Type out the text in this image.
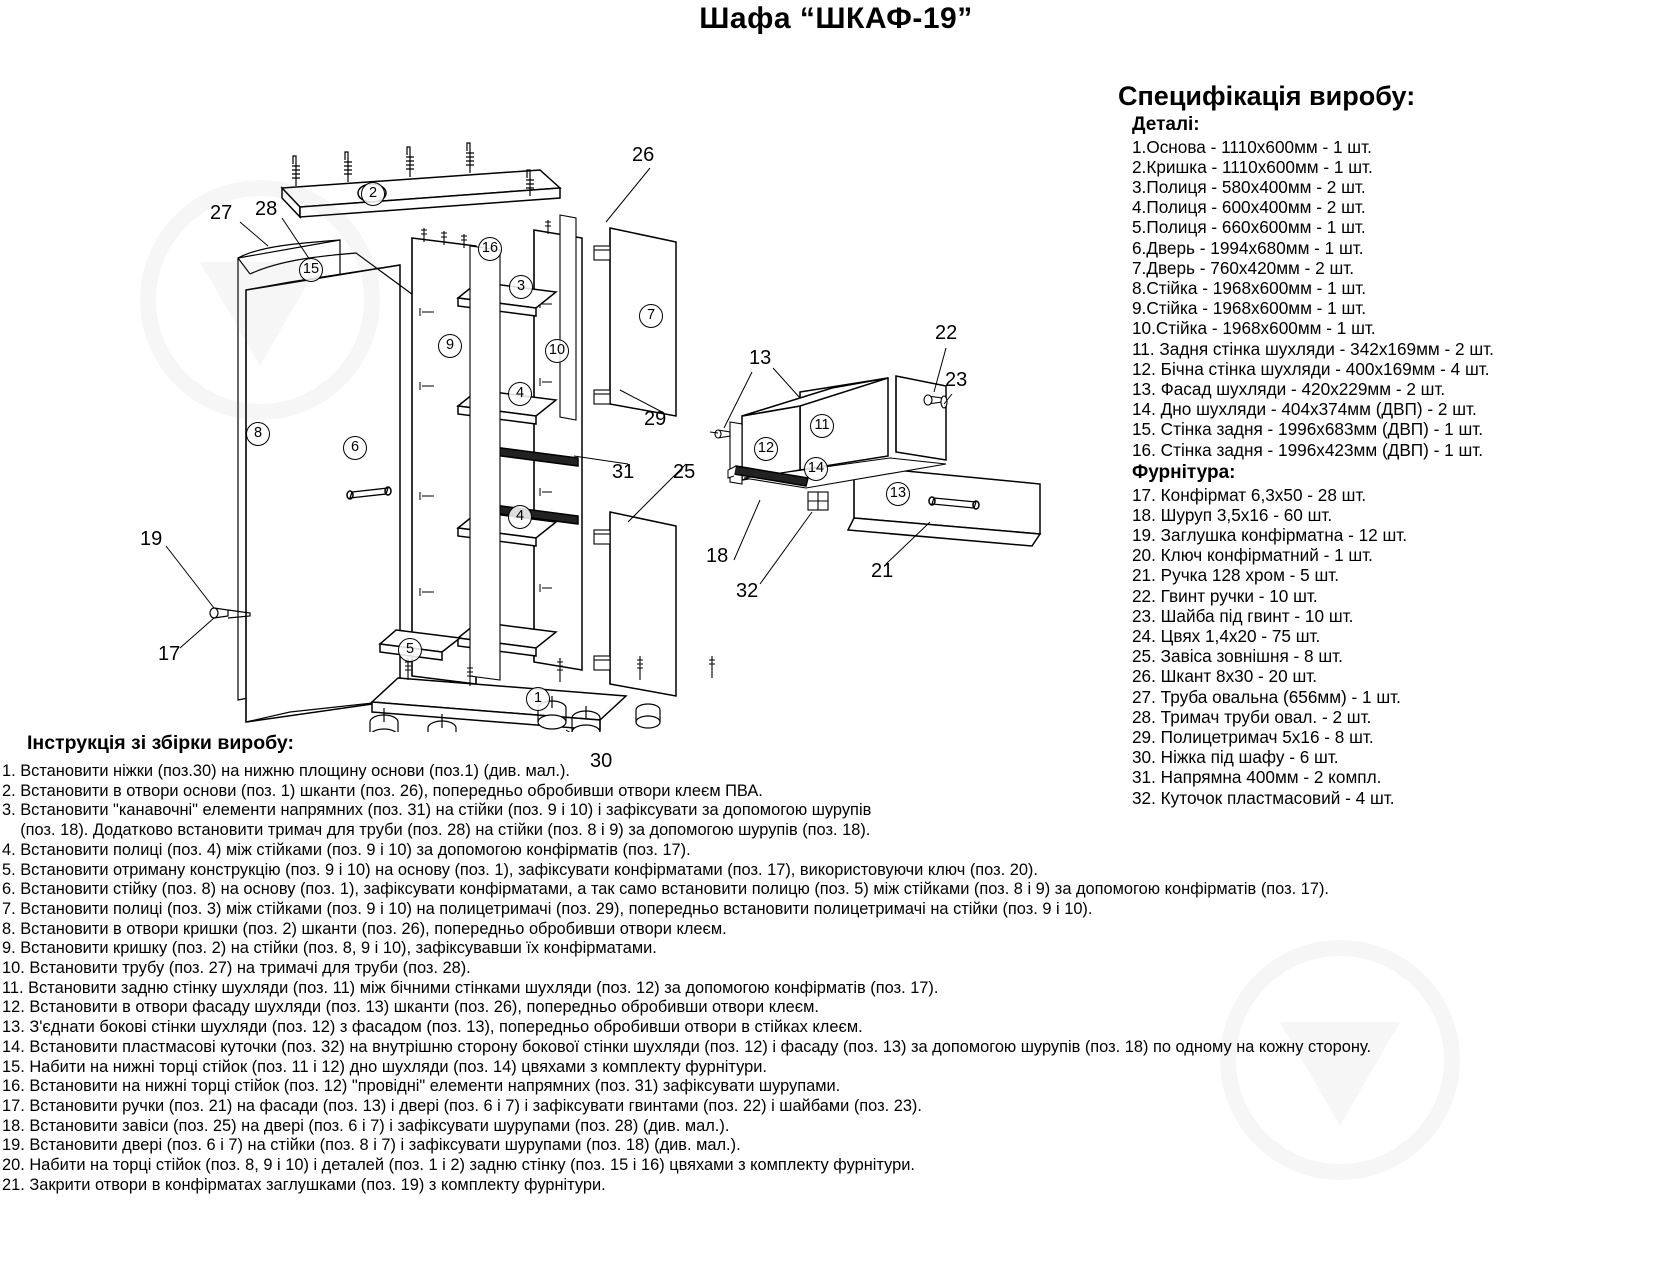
Шафа “ШКАФ-19”
26
27 28
13
22
23
29
31 25
18
32
21
19
17
30
2
16
15
3
7
9	10
4
8
6
11
12
14
13
4
5
1
Специфікація виробу:
Деталі:
1.Основа - 1110x600мм - 1 шт.
2.Кришка - 1110x600мм - 1 шт.
3.Полиця - 580x400мм - 2 шт.
4.Полиця - 600x400мм - 2 шт.
5.Полиця - 660x600мм - 1 шт.
6.Дверь - 1994x680мм - 1 шт.
7.Дверь - 760x420мм - 2 шт.
8.Стійка - 1968x600мм - 1 шт.
9.Стійка - 1968x600мм - 1 шт.
10.Стійка - 1968x600мм - 1 шт.
11. Задня стінка шухляди - 342x169мм - 2 шт.
12. Бічна стінка шухляди - 400x169мм - 4 шт.
13. Фасад шухляди - 420x229мм - 2 шт.
14. Дно шухляди - 404x374мм (ДВП) - 2 шт.
15. Стінка задня - 1996x683мм (ДВП) - 1 шт.
16. Стінка задня - 1996x423мм (ДВП) - 1 шт.
Фурнітура:
17. Конфірмат 6,3х50 - 28 шт.
18. Шуруп 3,5х16 - 60 шт.
19. Заглушка конфірматна - 12 шт.
20. Ключ конфірматний - 1 шт.
21. Ручка 128 хром - 5 шт.
22. Гвинт ручки - 10 шт.
23. Шайба під гвинт - 10 шт.
24. Цвях 1,4х20 - 75 шт.
25. Завіса зовнішня - 8 шт.
26. Шкант 8х30 - 20 шт.
27. Труба овальна (656мм) - 1 шт.
28. Тримач труби овал. - 2 шт.
29. Полицетримач 5х16 - 8 шт.
30. Ніжка під шафу - 6 шт.
31. Напрямна 400мм - 2 компл.
32. Куточок пластмасовий - 4 шт.
Інструкція зі збірки виробу:
1. Встановити ніжки (поз.30) на нижню площину основи (поз.1) (див. мал.).
2. Встановити в отвори основи (поз. 1) шканти (поз. 26), попередньо обробивши отвори клеєм ПВА.
3. Встановити "канавочні" елементи напрямних (поз. 31) на стійки (поз. 9 і 10) і зафіксувати за допомогою шурупів
(поз. 18). Додатково встановити тримач для труби (поз. 28) на стійки (поз. 8 і 9) за допомогою шурупів (поз. 18).
4. Встановити полиці (поз. 4) між стійками (поз. 9 і 10) за допомогою конфірматів (поз. 17).
5. Встановити отриману конструкцію (поз. 9 і 10) на основу (поз. 1), зафіксувати конфірматами (поз. 17), використовуючи ключ (поз. 20).
6. Встановити стійку (поз. 8) на основу (поз. 1), зафіксувати конфірматами, а так само встановити полицю (поз. 5) між стійками (поз. 8 і 9) за допомогою конфірматів (поз. 17).
7. Встановити полиці (поз. 3) між стійками (поз. 9 і 10) на полицетримачі (поз. 29), попередньо встановити полицетримачі на стійки (поз. 9 і 10).
8. Встановити в отвори кришки (поз. 2) шканти (поз. 26), попередньо обробивши отвори клеєм.
9. Встановити кришку (поз. 2) на стійки (поз. 8, 9 і 10), зафіксувавши їх конфірматами.
10. Встановити трубу (поз. 27) на тримачі для труби (поз. 28).
11. Встановити задню стінку шухляди (поз. 11) між бічними стінками шухляди (поз. 12) за допомогою конфірматів (поз. 17).
12. Встановити в отвори фасаду шухляди (поз. 13) шканти (поз. 26), попередньо обробивши отвори клеєм.
13. З'єднати бокові стінки шухляди (поз. 12) з фасадом (поз. 13), попередньо обробивши отвори в стійках клеєм.
14. Встановити пластмасові куточки (поз. 32) на внутрішню сторону бокової стінки шухляди (поз. 12) і фасаду (поз. 13) за допомогою шурупів (поз. 18) по одному на кожну сторону.
15. Набити на нижні торці стійок (поз. 11 і 12) дно шухляди (поз. 14) цвяхами з комплекту фурнітури.
16. Встановити на нижні торці стійок (поз. 12) "провідні" елементи напрямних (поз. 31) зафіксувати шурупами.
17. Встановити ручки (поз. 21) на фасади (поз. 13) і двері (поз. 6 і 7) і зафіксувати гвинтами (поз. 22) і шайбами (поз. 23).
18. Встановити завіси (поз. 25) на двері (поз. 6 і 7) і зафіксувати шурупами (поз. 28) (див. мал.).
19. Встановити двері (поз. 6 і 7) на стійки (поз. 8 і 7) і зафіксувати шурупами (поз. 18) (див. мал.).
20. Набити на торці стійок (поз. 8, 9 і 10) і деталей (поз. 1 і 2) задню стінку (поз. 15 і 16) цвяхами з комплекту фурнітури.
21. Закрити отвори в конфірматах заглушками (поз. 19) з комплекту фурнітури.
